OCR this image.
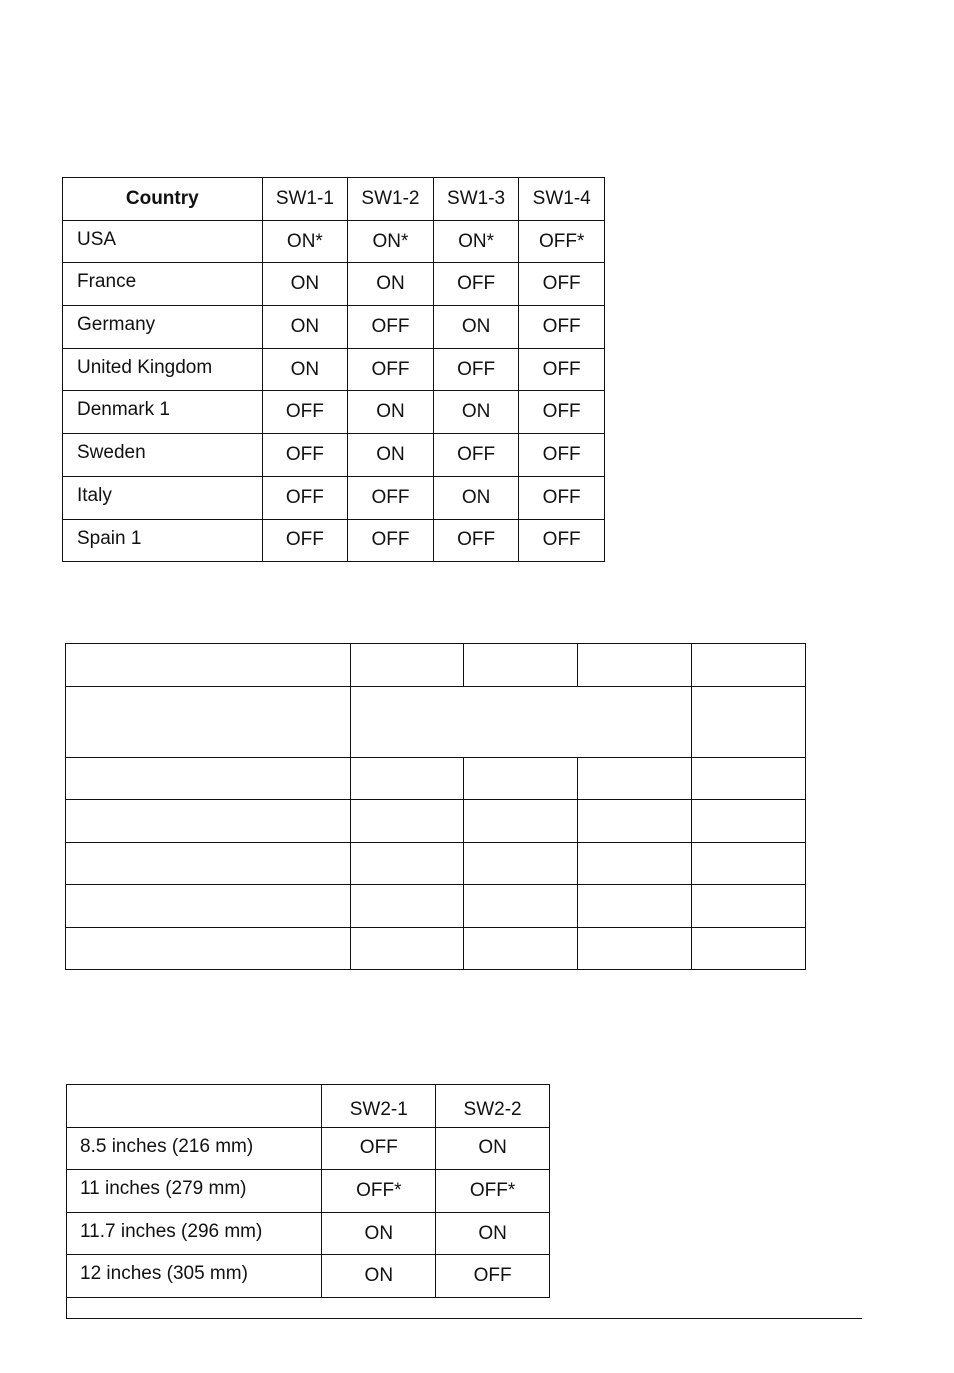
Country	SW1-1	SW1-2	SW1-3	SW1-4
USA	ON*	ON*	ON*	OFF*
France	ON	ON	OFF	OFF
Germany	ON	OFF	ON	OFF
United Kingdom	ON	OFF	OFF	OFF
Denmark 1	OFF	ON	ON	OFF
Sweden	OFF	ON	OFF	OFF
Italy	OFF	OFF	ON	OFF
Spain 1	OFF	OFF	OFF	OFF

	SW2-1	SW2-2
8.5 inches (216 mm)	OFF	ON
11 inches (279 mm)	OFF*	OFF*
11.7 inches (296 mm)	ON	ON
12 inches (305 mm)	ON	OFF
